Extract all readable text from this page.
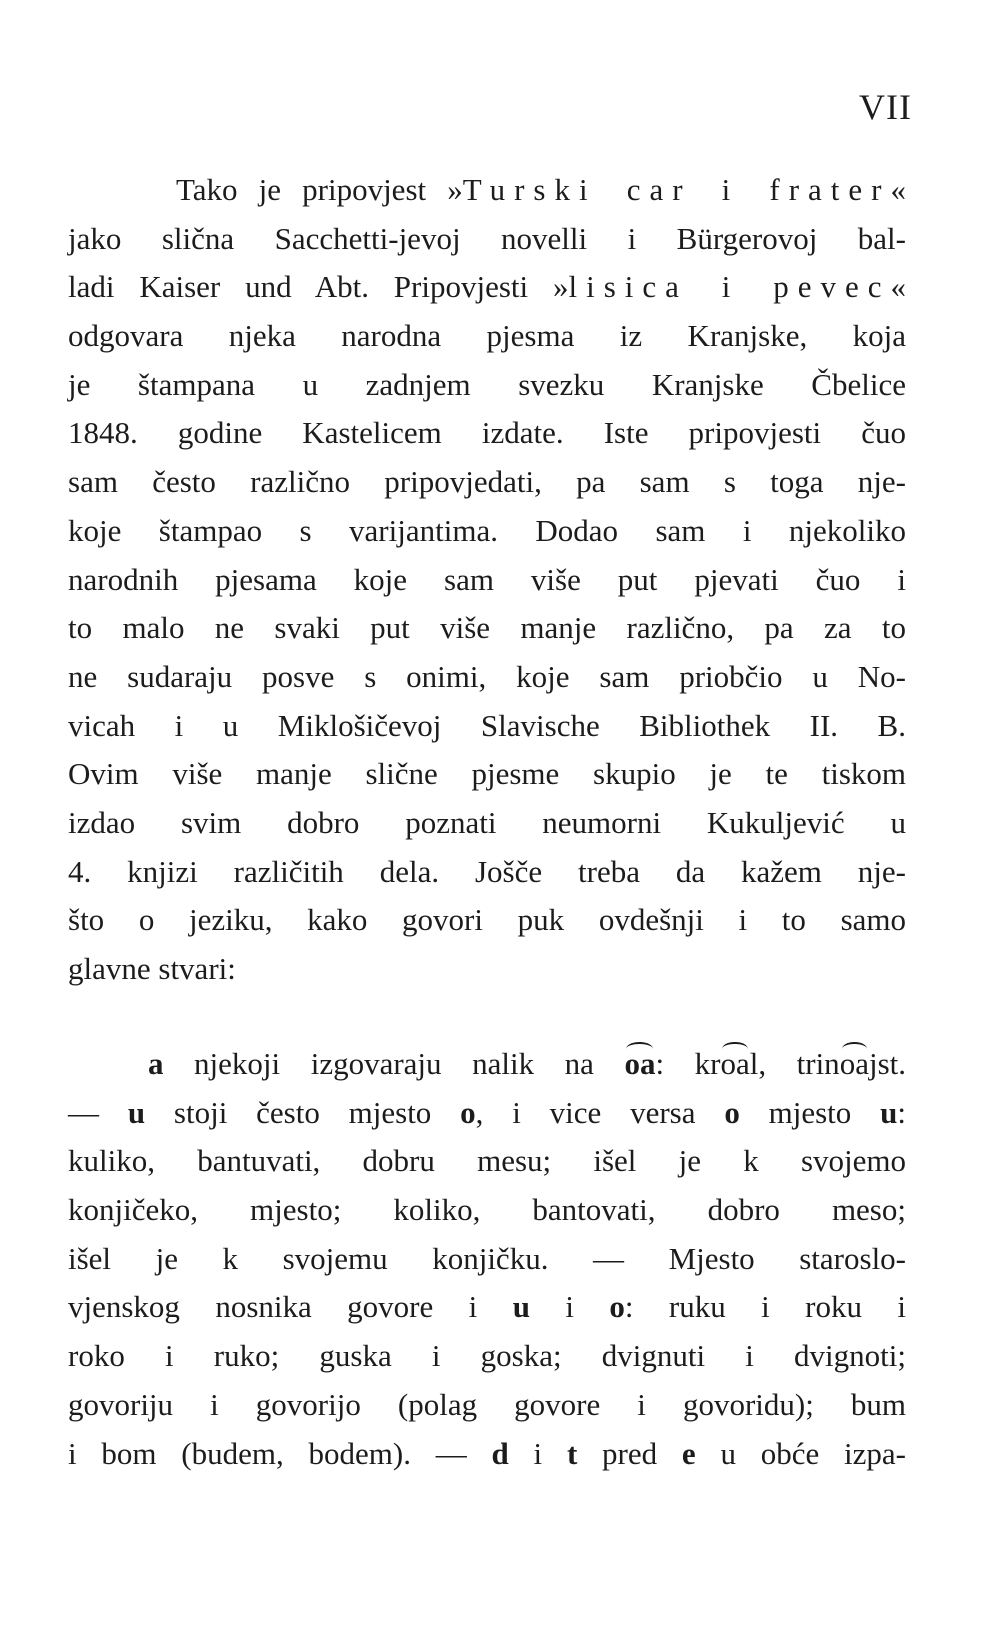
VII
Tako je pripovjest »Turski car i frater«
jako slična Sacchetti-jevoj novelli i Bürgerovoj bal-
ladi Kaiser und Abt. Pripovjesti »lisica i pevec«
odgovara njeka narodna pjesma iz Kranjske, koja
je štampana u zadnjem svezku Kranjske Čbelice
1848. godine Kastelicem izdate. Iste pripovjesti čuo
sam često različno pripovjedati, pa sam s toga nje-
koje štampao s varijantima. Dodao sam i njekoliko
narodnih pjesama koje sam više put pjevati čuo i
to malo ne svaki put više manje različno, pa za to
ne sudaraju posve s onimi, koje sam priobčio u No-
vicah i u Miklošičevoj Slavische Bibliothek II. B.
Ovim više manje slične pjesme skupio je te tiskom
izdao svim dobro poznati neumorni Kukuljević u
4. knjizi različitih dela. Jošče treba da kažem nje-
što o jeziku, kako govori puk ovdešnji i to samo
glavne stvari:
a njekoji izgovaraju nalik na oa: kroal, trinoajst.
— u stoji često mjesto o, i vice versa o mjesto u:
kuliko, bantuvati, dobru mesu; išel je k svojemo
konjičeko, mjesto; koliko, bantovati, dobro meso;
išel je k svojemu konjičku. — Mjesto staroslo-
vjenskog nosnika govore i u i o: ruku i roku i
roko i ruko; guska i goska; dvignuti i dvignoti;
govoriju i govorijo (polag govore i govoridu); bum
i bom (budem, bodem). — d i t pred e u obće izpa-
